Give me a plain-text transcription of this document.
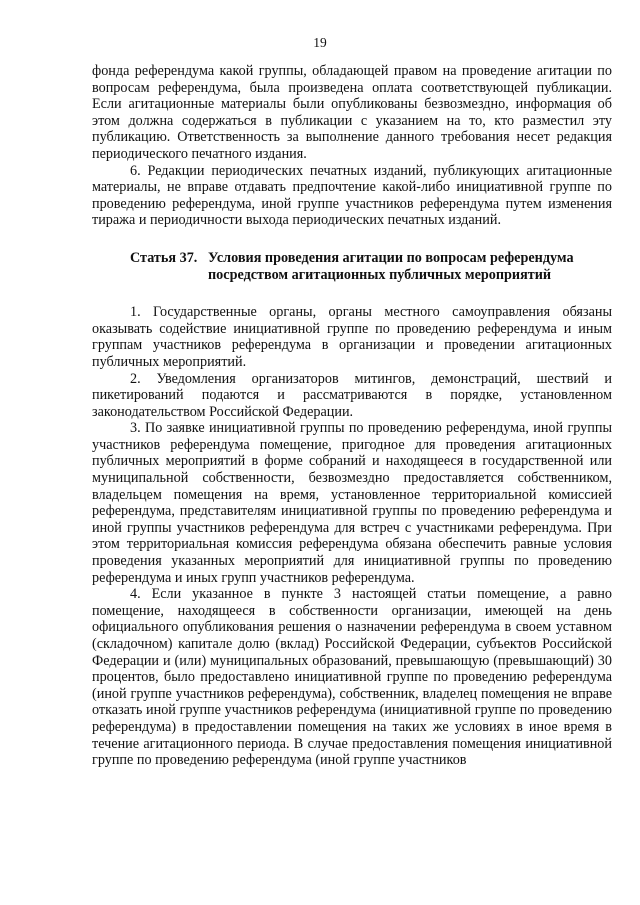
19

фонда референдума какой группы, обладающей правом на проведение агитации по вопросам референдума, была произведена оплата соответствующей публикации. Если агитационные материалы были опубликованы безвозмездно, информация об этом должна содержаться в публикации с указанием на то, кто разместил эту публикацию. Ответственность за выполнение данного требования несет редакция периодического печатного издания.

6. Редакции периодических печатных изданий, публикующих агитационные материалы, не вправе отдавать предпочтение какой-либо инициативной группе по проведению референдума, иной группе участников референдума путем изменения тиража и периодичности выхода периодических печатных изданий.

Статья 37. Условия проведения агитации по вопросам референдума посредством агитационных публичных мероприятий

1. Государственные органы, органы местного самоуправления обязаны оказывать содействие инициативной группе по проведению референдума и иным группам участников референдума в организации и проведении агитационных публичных мероприятий.

2. Уведомления организаторов митингов, демонстраций, шествий и пикетирований подаются и рассматриваются в порядке, установленном законодательством Российской Федерации.

3. По заявке инициативной группы по проведению референдума, иной группы участников референдума помещение, пригодное для проведения агитационных публичных мероприятий в форме собраний и находящееся в государственной или муниципальной собственности, безвозмездно предоставляется собственником, владельцем помещения на время, установленное территориальной комиссией референдума, представителям инициативной группы по проведению референдума и иной группы участников референдума для встреч с участниками референдума. При этом территориальная комиссия референдума обязана обеспечить равные условия проведения указанных мероприятий для инициативной группы по проведению референдума и иных групп участников референдума.

4. Если указанное в пункте 3 настоящей статьи помещение, а равно помещение, находящееся в собственности организации, имеющей на день официального опубликования решения о назначении референдума в своем уставном (складочном) капитале долю (вклад) Российской Федерации, субъектов Российской Федерации и (или) муниципальных образований, превышающую (превышающий) 30 процентов, было предоставлено инициативной группе по проведению референдума (иной группе участников референдума), собственник, владелец помещения не вправе отказать иной группе участников референдума (инициативной группе по проведению референдума) в предоставлении помещения на таких же условиях в иное время в течение агитационного периода. В случае предоставления помещения инициативной группе по проведению референдума (иной группе участников
